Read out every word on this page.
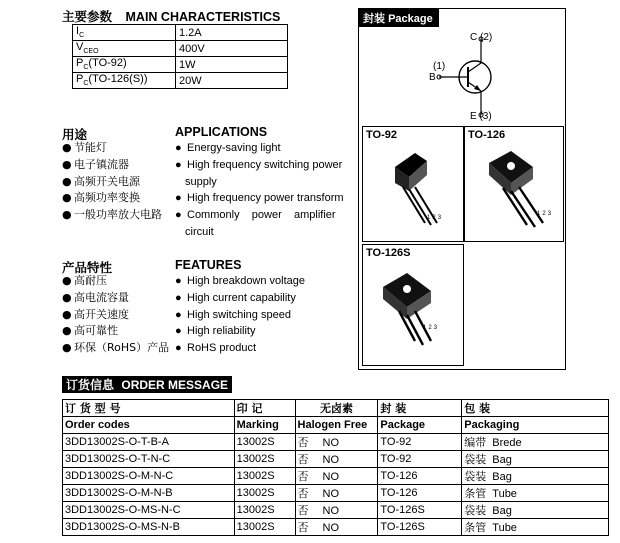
主要参数 MAIN CHARACTERISTICS
$I_C$	1.2A
$V_{CEO}$	400V
$P_C(TO-92)$	1W
$P_C(TO-126(S))$	20W
用途	APPLICATIONS
● 节能灯
● 电子镇流器
● 高频开关电源
● 高频功率变换
● 一般功率放大电路
● Energy-saving light
● High frequency switching power
supply
● High frequency power transform
● Commonly    power    amplifier
circuit
产品特性	FEATURES
● 高耐压
● 高电流容量
● 高开关速度
● 高可靠性
● 环保（RoHS）产品
● High breakdown voltage
● High current capability
● High switching speed
● High reliability
● RoHS product
封装 Package
C (2)
(1)
B
E (3)
TO-92
123
TO-126
123
TO-126S
123
订货信息 ORDER MESSAGE
订 货 型 号	印 记	无卤素	封 装	包 装
Order codes	Marking	Halogen Free	Package	Packaging
3DD13002S-O-T-B-A	13002S	否 NO	TO-92	编带 Brede
3DD13002S-O-T-N-C	13002S	否 NO	TO-92	袋装 Bag
3DD13002S-O-M-N-C	13002S	否 NO	TO-126	袋装 Bag
3DD13002S-O-M-N-B	13002S	否 NO	TO-126	条管 Tube
3DD13002S-O-MS-N-C	13002S	否 NO	TO-126S	袋装 Bag
3DD13002S-O-MS-N-B	13002S	否 NO	TO-126S	条管 Tube
